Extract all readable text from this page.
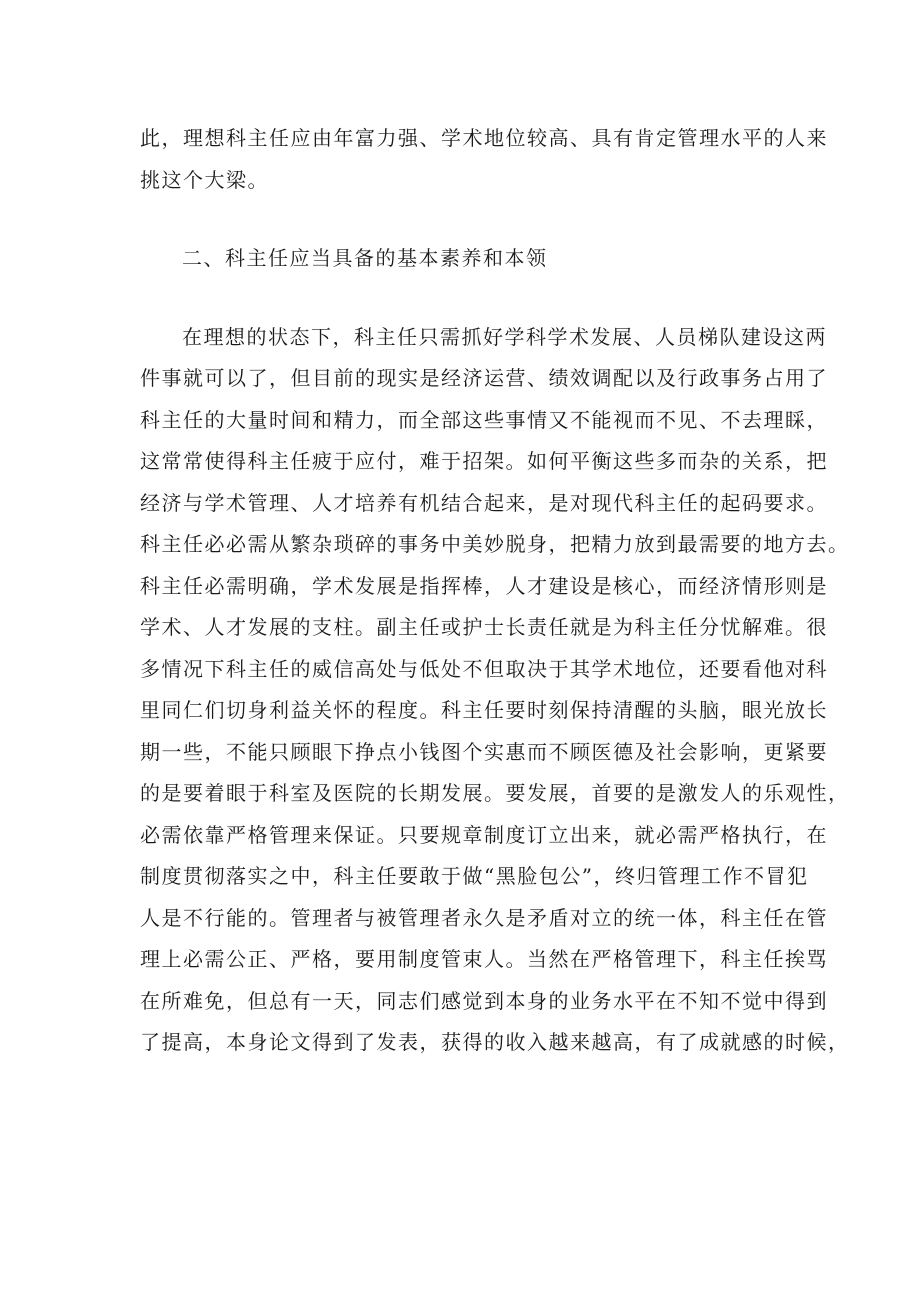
此，理想科主任应由年富力强、学术地位较高、具有肯定管理水平的人来
挑这个大梁。
二、科主任应当具备的基本素养和本领
在理想的状态下，科主任只需抓好学科学术发展、人员梯队建设这两
件事就可以了，但目前的现实是经济运营、绩效调配以及行政事务占用了
科主任的大量时间和精力，而全部这些事情又不能视而不见、不去理睬，
这常常使得科主任疲于应付，难于招架。如何平衡这些多而杂的关系，把
经济与学术管理、人才培养有机结合起来，是对现代科主任的起码要求。
科主任必必需从繁杂琐碎的事务中美妙脱身，把精力放到最需要的地方去。
科主任必需明确，学术发展是指挥棒，人才建设是核心，而经济情形则是
学术、人才发展的支柱。副主任或护士长责任就是为科主任分忧解难。很
多情况下科主任的威信高处与低处不但取决于其学术地位，还要看他对科
里同仁们切身利益关怀的程度。科主任要时刻保持清醒的头脑，眼光放长
期一些，不能只顾眼下挣点小钱图个实惠而不顾医德及社会影响，更紧要
的是要着眼于科室及医院的长期发展。要发展，首要的是激发人的乐观性，
必需依靠严格管理来保证。只要规章制度订立出来，就必需严格执行，在
制度贯彻落实之中，科主任要敢于做“黑脸包公”，终归管理工作不冒犯
人是不行能的。管理者与被管理者永久是矛盾对立的统一体，科主任在管
理上必需公正、严格，要用制度管束人。当然在严格管理下，科主任挨骂
在所难免，但总有一天，同志们感觉到本身的业务水平在不知不觉中得到
了提高，本身论文得到了发表，获得的收入越来越高，有了成就感的时候，
